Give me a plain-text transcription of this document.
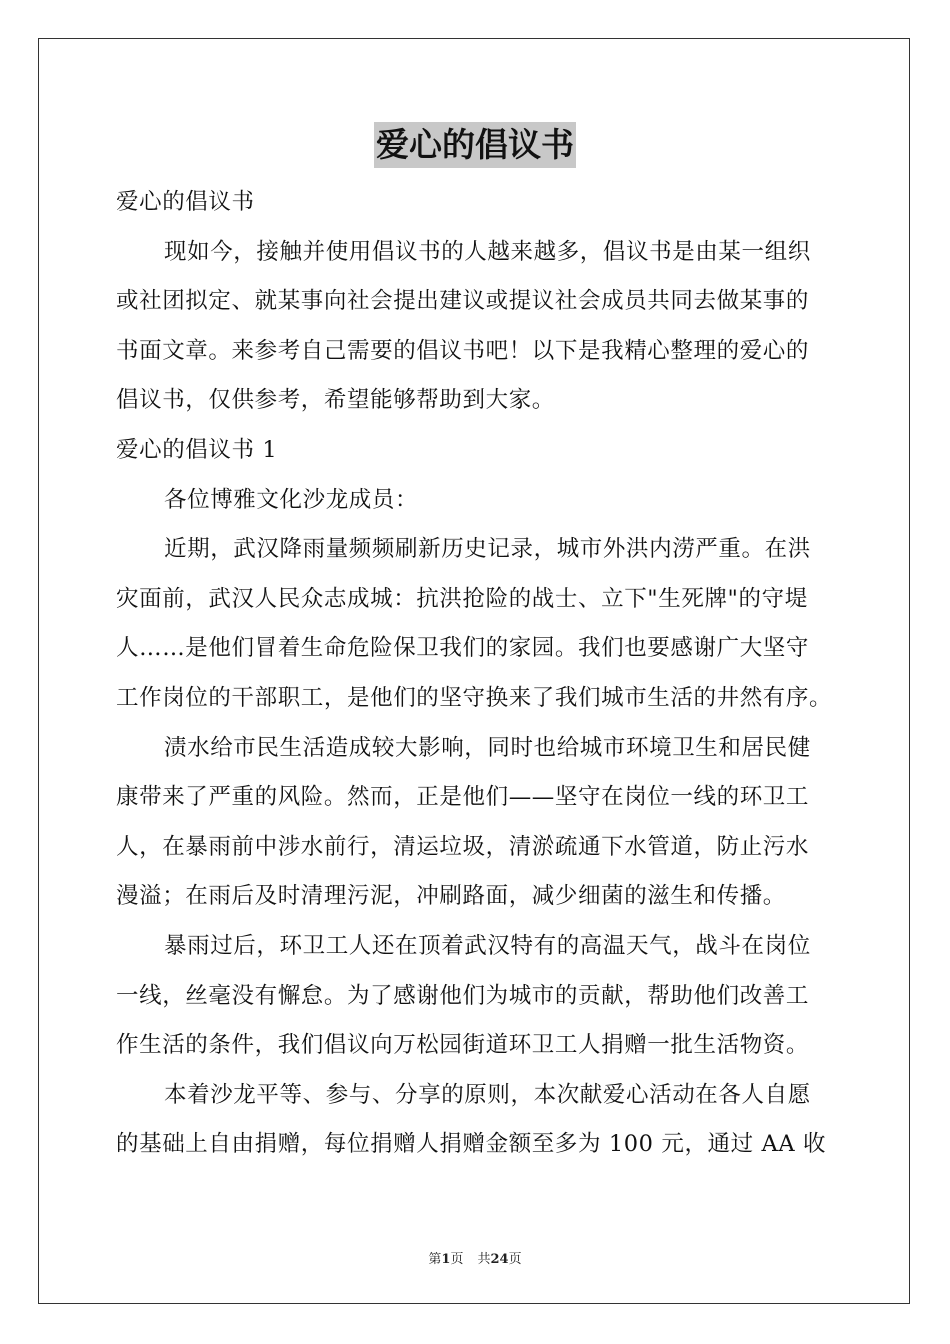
爱心的倡议书
爱心的倡议书
现如今，接触并使用倡议书的人越来越多，倡议书是由某一组织
或社团拟定、就某事向社会提出建议或提议社会成员共同去做某事的
书面文章。来参考自己需要的倡议书吧！以下是我精心整理的爱心的
倡议书，仅供参考，希望能够帮助到大家。
爱心的倡议书 1
各位博雅文化沙龙成员：
近期，武汉降雨量频频刷新历史记录，城市外洪内涝严重。在洪
灾面前，武汉人民众志成城：抗洪抢险的战士、立下"生死牌"的守堤
人……是他们冒着生命危险保卫我们的家园。我们也要感谢广大坚守
工作岗位的干部职工，是他们的坚守换来了我们城市生活的井然有序。
渍水给市民生活造成较大影响，同时也给城市环境卫生和居民健
康带来了严重的风险。然而，正是他们——坚守在岗位一线的环卫工
人，在暴雨前中涉水前行，清运垃圾，清淤疏通下水管道，防止污水
漫溢；在雨后及时清理污泥，冲刷路面，减少细菌的滋生和传播。
暴雨过后，环卫工人还在顶着武汉特有的高温天气，战斗在岗位
一线，丝毫没有懈怠。为了感谢他们为城市的贡献，帮助他们改善工
作生活的条件，我们倡议向万松园街道环卫工人捐赠一批生活物资。
本着沙龙平等、参与、分享的原则，本次献爱心活动在各人自愿
的基础上自由捐赠，每位捐赠人捐赠金额至多为 100 元，通过 AA 收
第1页 共24页
